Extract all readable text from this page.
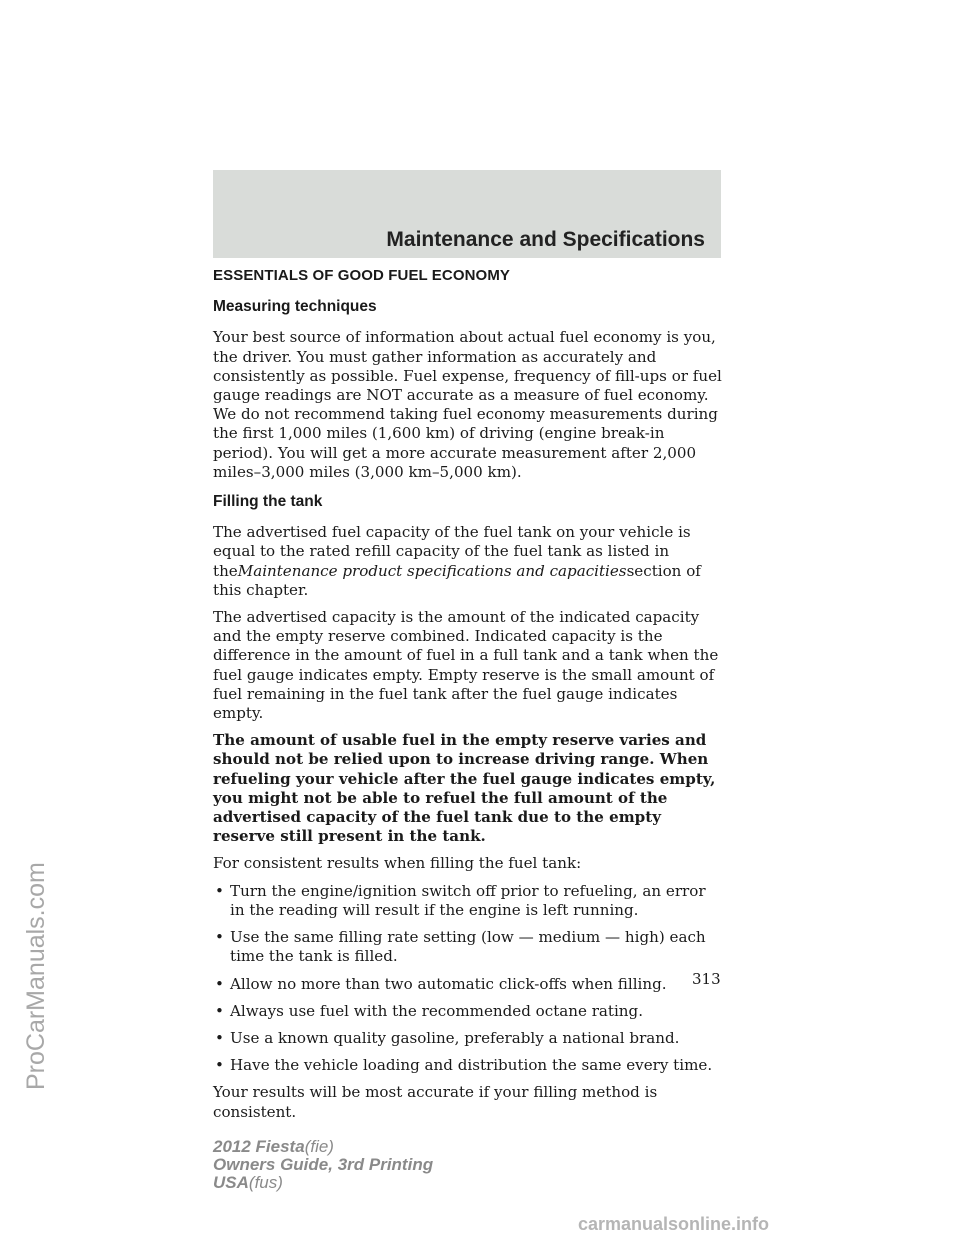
Maintenance and Specifications
ESSENTIALS OF GOOD FUEL ECONOMY
Measuring techniques

Your best source of information about actual fuel economy is you, the driver. You must gather information as accurately and consistently as possible. Fuel expense, frequency of fill-ups or fuel gauge readings are NOT accurate as a measure of fuel economy. We do not recommend taking fuel economy measurements during the first 1,000 miles (1,600 km) of driving (engine break-in period). You will get a more accurate measurement after 2,000 miles–3,000 miles (3,000 km–5,000 km).

Filling the tank

The advertised fuel capacity of the fuel tank on your vehicle is equal to the rated refill capacity of the fuel tank as listed in theMaintenance product specifications and capacitiessection of this chapter.

The advertised capacity is the amount of the indicated capacity and the empty reserve combined. Indicated capacity is the difference in the amount of fuel in a full tank and a tank when the fuel gauge indicates empty. Empty reserve is the small amount of fuel remaining in the fuel tank after the fuel gauge indicates empty.

The amount of usable fuel in the empty reserve varies and should not be relied upon to increase driving range. When refueling your vehicle after the fuel gauge indicates empty, you might not be able to refuel the full amount of the advertised capacity of the fuel tank due to the empty reserve still present in the tank.

For consistent results when filling the fuel tank:

• Turn the engine/ignition switch off prior to refueling, an error in the reading will result if the engine is left running.
• Use the same filling rate setting (low — medium — high) each time the tank is filled.
• Allow no more than two automatic click-offs when filling.
• Always use fuel with the recommended octane rating.
• Use a known quality gasoline, preferably a national brand.
• Have the vehicle loading and distribution the same every time.

Your results will be most accurate if your filling method is consistent.

313
2012 Fiesta(fie)
Owners Guide, 3rd Printing
USA(fus)
ProCarManuals.com
carmanualsonline.info
